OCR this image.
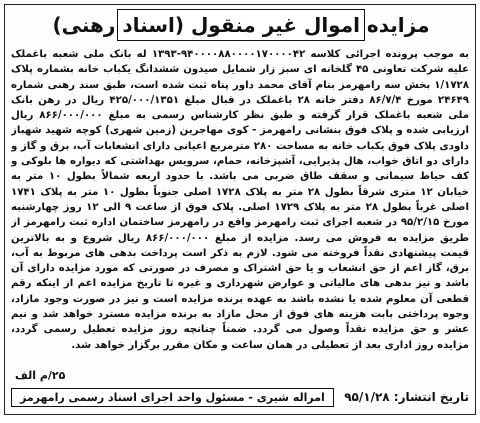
مزایده اموال غیر منقول (اسناد رهنی)
به موجب پرونده اجرائی کلاسه ۹۴۰۰۰۰۸۸۰۰۰۰۱۷۰۰۰۰۴۲-۱۳۹۳ له بانک ملی شعبه باغملک علیه شرکت تعاونی ۴۵ گلخانه ای سبز زار شمایل صیدون ششدانگ یکباب خانه بشماره پلاک ۱/۱۷۲۸ بخش سه رامهرمز بنام آقای محمد داور پناه ثبت شده است، طبق سند رهنی شماره ۲۴۶۴۹ مورخ ۸۶/۷/۴ دفتر خانه ۲۸ باغملک در قبال مبلغ ۴۲۵/۰۰۰/۱۳۵۱ ریال در رهن بانک ملی شعبه باغملک قرار گرفته و طبق نظر کارشناس رسمی به مبلغ ۸۶۶/۰۰۰/۰۰۰ ریال ارزیابی شده و پلاک فوق بنشانی رامهرمز - کوی مهاجرین (زمین شهری) کوچه شهید شهباز داودی پلاک فوق یکباب خانه به مساحت ۲۸۰ مترمربع اعیانی دارای انشعابات آب، برق و گاز و دارای دو اتاق خواب، هال پذیرایی، آشپزخانه، حمام، سرویس بهداشتی که دیواره ها بلوکی و کف حیاط سیمانی و سقف طاق ضربی می باشد. با حدود اربعه شمالاً بطول ۱۰ متر به خیابان ۱۲ متری شرقاً بطول ۲۸ متر به پلاک ۱۷۲۸ اصلی جنوباً بطول ۱۰ متر به پلاک ۱۷۴۱ اصلی غرباً بطول ۲۸ متر به پلاک ۱۷۲۹ اصلی. پلاک فوق از ساعت ۹ الی ۱۲ روز چهارشنبه مورخ ۹۵/۲/۱۵ در شعبه اجرای ثبت رامهرمز واقع در رامهرمز ساختمان اداره ثبت رامهرمز از طریق مزایده به فروش می رسد. مزایده از مبلغ ۸۶۶/۰۰۰/۰۰۰ ریال شروع و به بالاترین قیمت پیشنهادی نقداً فروخته می شود. لازم به ذکر است پرداخت بدهی های مربوط به آب، برق، گاز اعم از حق انشعاب و یا حق اشتراک و مصرف در صورتی که مورد مزایده دارای آن باشد و نیز بدهی های مالیاتی و عوارض شهرداری و غیره تا تاریخ مزایده اعم از اینکه رقم قطعی آن معلوم شده یا نشده باشد به عهده برنده مزایده است و نیز در صورت وجود مازاد، وجوه پرداختی بابت هزینه های فوق از محل مازاد به برنده مزایده مسترد خواهد شد و نیم عشر و حق مزایده نقداً وصول می گردد. ضمناً چنانچه روز مزایده تعطیل رسمی گردد، مزایده روز اداری بعد از تعطیلی در همان ساعت و مکان مقرر برگزار خواهد شد.
۲۵/م الف
تاریخ انتشار: ۹۵/۱/۲۸
امراله شیری - مسئول واحد اجرای اسناد رسمی رامهرمز
